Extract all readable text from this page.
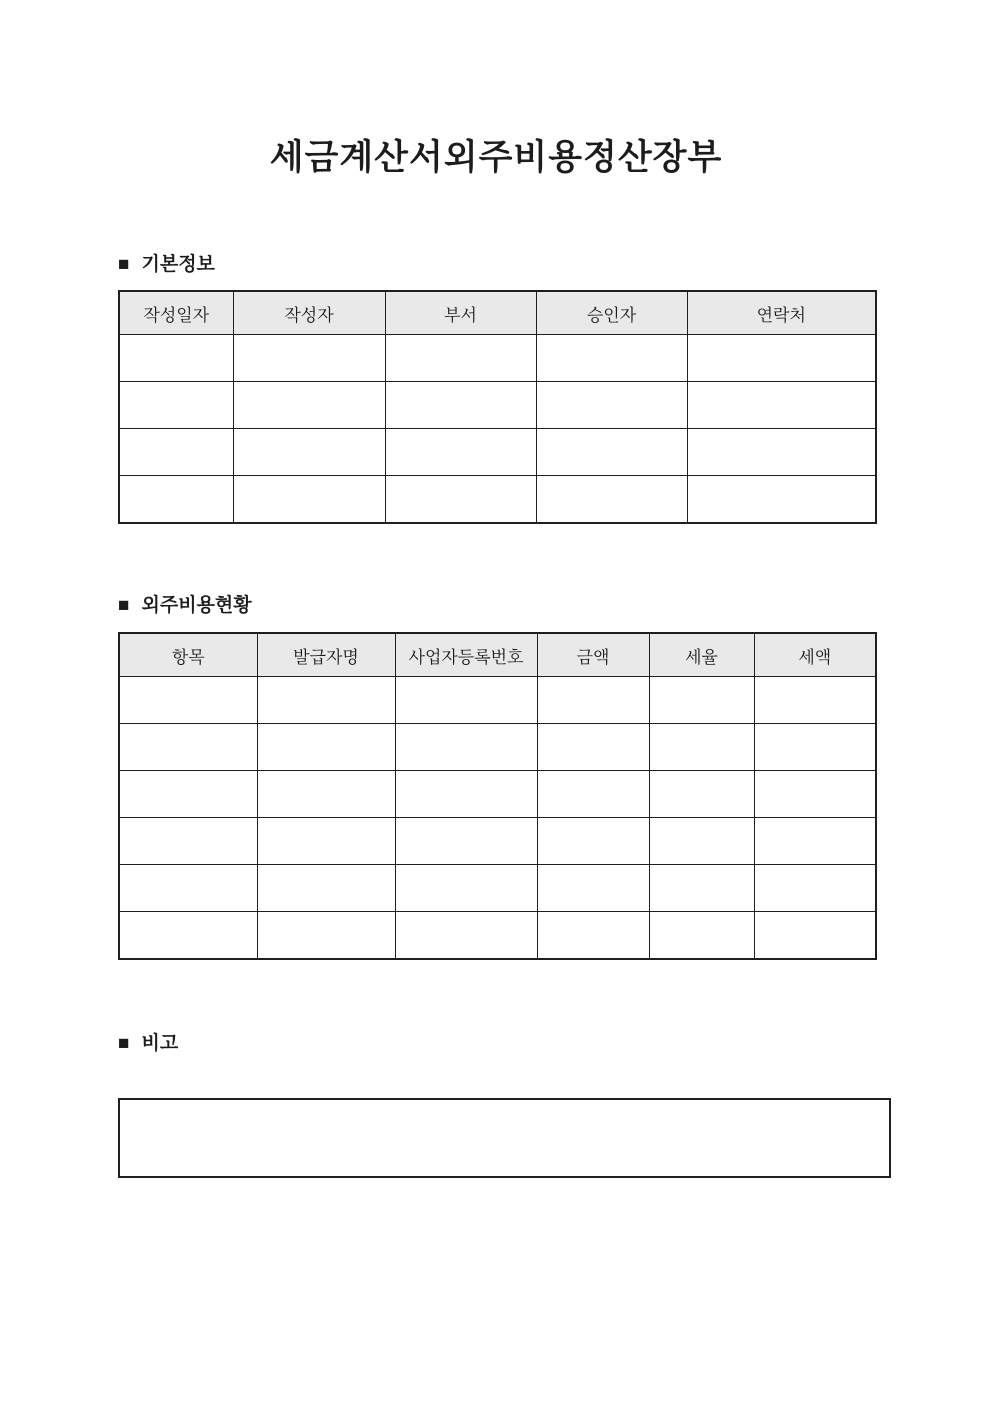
세금계산서외주비용정산장부
■ 기본정보
작성일자	작성자	부서	승인자	연락처

■ 외주비용현황
항목	발급자명	사업자등록번호	금액	세율	세액

■ 비고
